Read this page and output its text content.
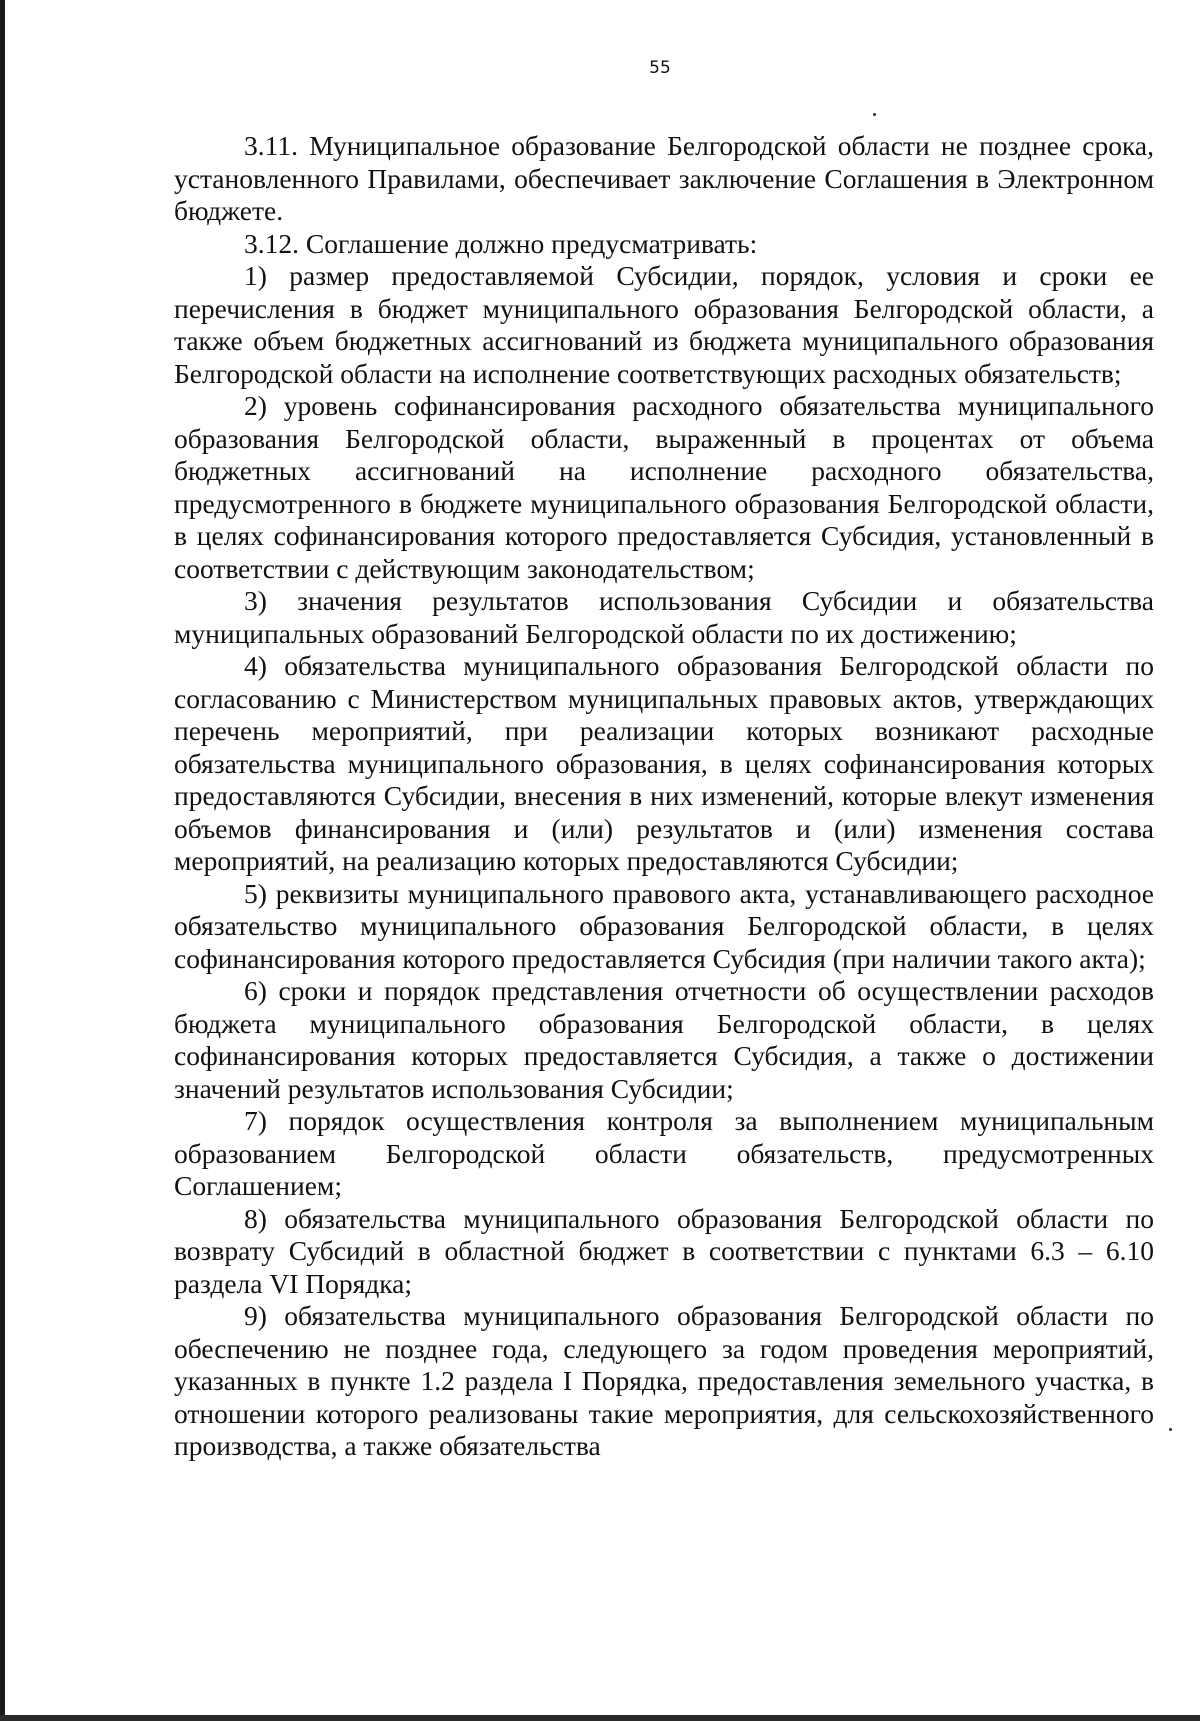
55

3.11. Муниципальное образование Белгородской области не позднее срока, установленного Правилами, обеспечивает заключение Соглашения в Электронном бюджете.

3.12. Соглашение должно предусматривать:

1) размер предоставляемой Субсидии, порядок, условия и сроки ее перечисления в бюджет муниципального образования Белгородской области, а также объем бюджетных ассигнований из бюджета муниципального образования Белгородской области на исполнение соответствующих расходных обязательств;

2) уровень софинансирования расходного обязательства муниципального образования Белгородской области, выраженный в процентах от объема бюджетных ассигнований на исполнение расходного обязательства, предусмотренного в бюджете муниципального образования Белгородской области, в целях софинансирования которого предоставляется Субсидия, установленный в соответствии с действующим законодательством;

3) значения результатов использования Субсидии и обязательства муниципальных образований Белгородской области по их достижению;

4) обязательства муниципального образования Белгородской области по согласованию с Министерством муниципальных правовых актов, утверждающих перечень мероприятий, при реализации которых возникают расходные обязательства муниципального образования, в целях софинансирования которых предоставляются Субсидии, внесения в них изменений, которые влекут изменения объемов финансирования и (или) результатов и (или) изменения состава мероприятий, на реализацию которых предоставляются Субсидии;

5) реквизиты муниципального правового акта, устанавливающего расходное обязательство муниципального образования Белгородской области, в целях софинансирования которого предоставляется Субсидия (при наличии такого акта);

6) сроки и порядок представления отчетности об осуществлении расходов бюджета муниципального образования Белгородской области, в целях софинансирования которых предоставляется Субсидия, а также о достижении значений результатов использования Субсидии;

7) порядок осуществления контроля за выполнением муниципальным образованием Белгородской области обязательств, предусмотренных Соглашением;

8) обязательства муниципального образования Белгородской области по возврату Субсидий в областной бюджет в соответствии с пунктами 6.3 – 6.10 раздела VI Порядка;

9) обязательства муниципального образования Белгородской области по обеспечению не позднее года, следующего за годом проведения мероприятий, указанных в пункте 1.2 раздела I Порядка, предоставления земельного участка, в отношении которого реализованы такие мероприятия, для сельскохозяйственного производства, а также обязательства
